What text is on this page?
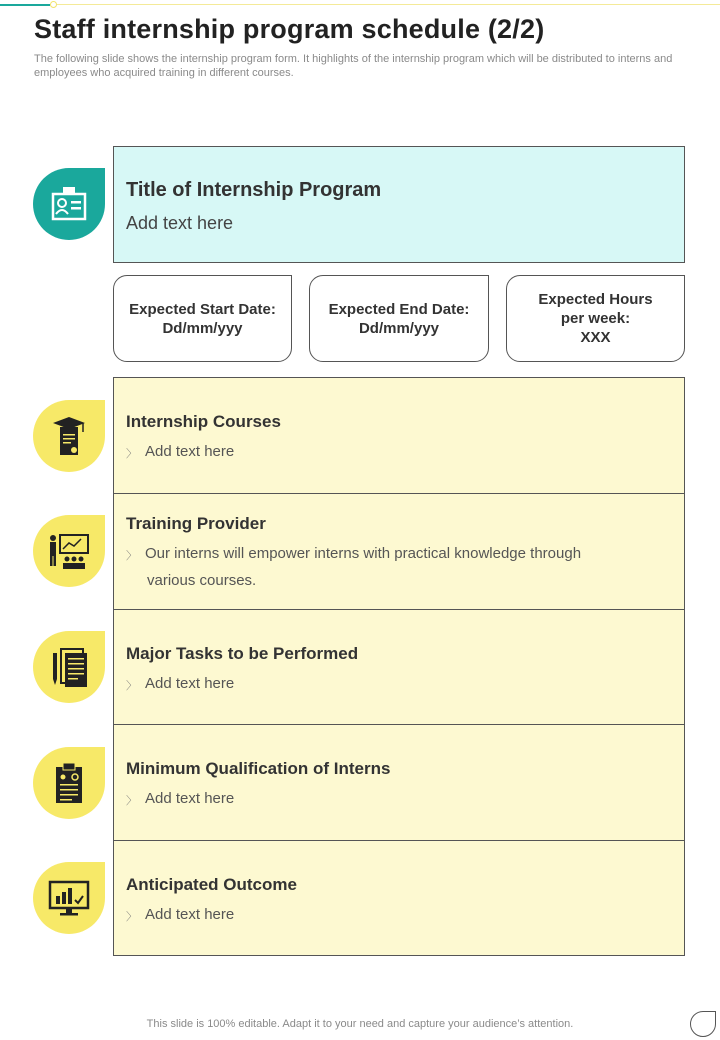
Staff internship program schedule (2/2)

The following slide shows the internship program form. It highlights of the internship program which will be distributed to interns and employees who acquired training in different courses.

Title of Internship Program
Add text here
Expected Start Date:
Dd/mm/yyy
Expected End Date:
Dd/mm/yyy
Expected Hours
per week:
XXX
Internship Courses
〉 Add text here
Training Provider
〉 Our interns will empower interns with practical knowledge through
various courses.
Major Tasks to be Performed
〉 Add text here
Minimum Qualification of Interns
〉 Add text here
Anticipated Outcome
〉 Add text here
This slide is 100% editable. Adapt it to your need and capture your audience’s attention.
